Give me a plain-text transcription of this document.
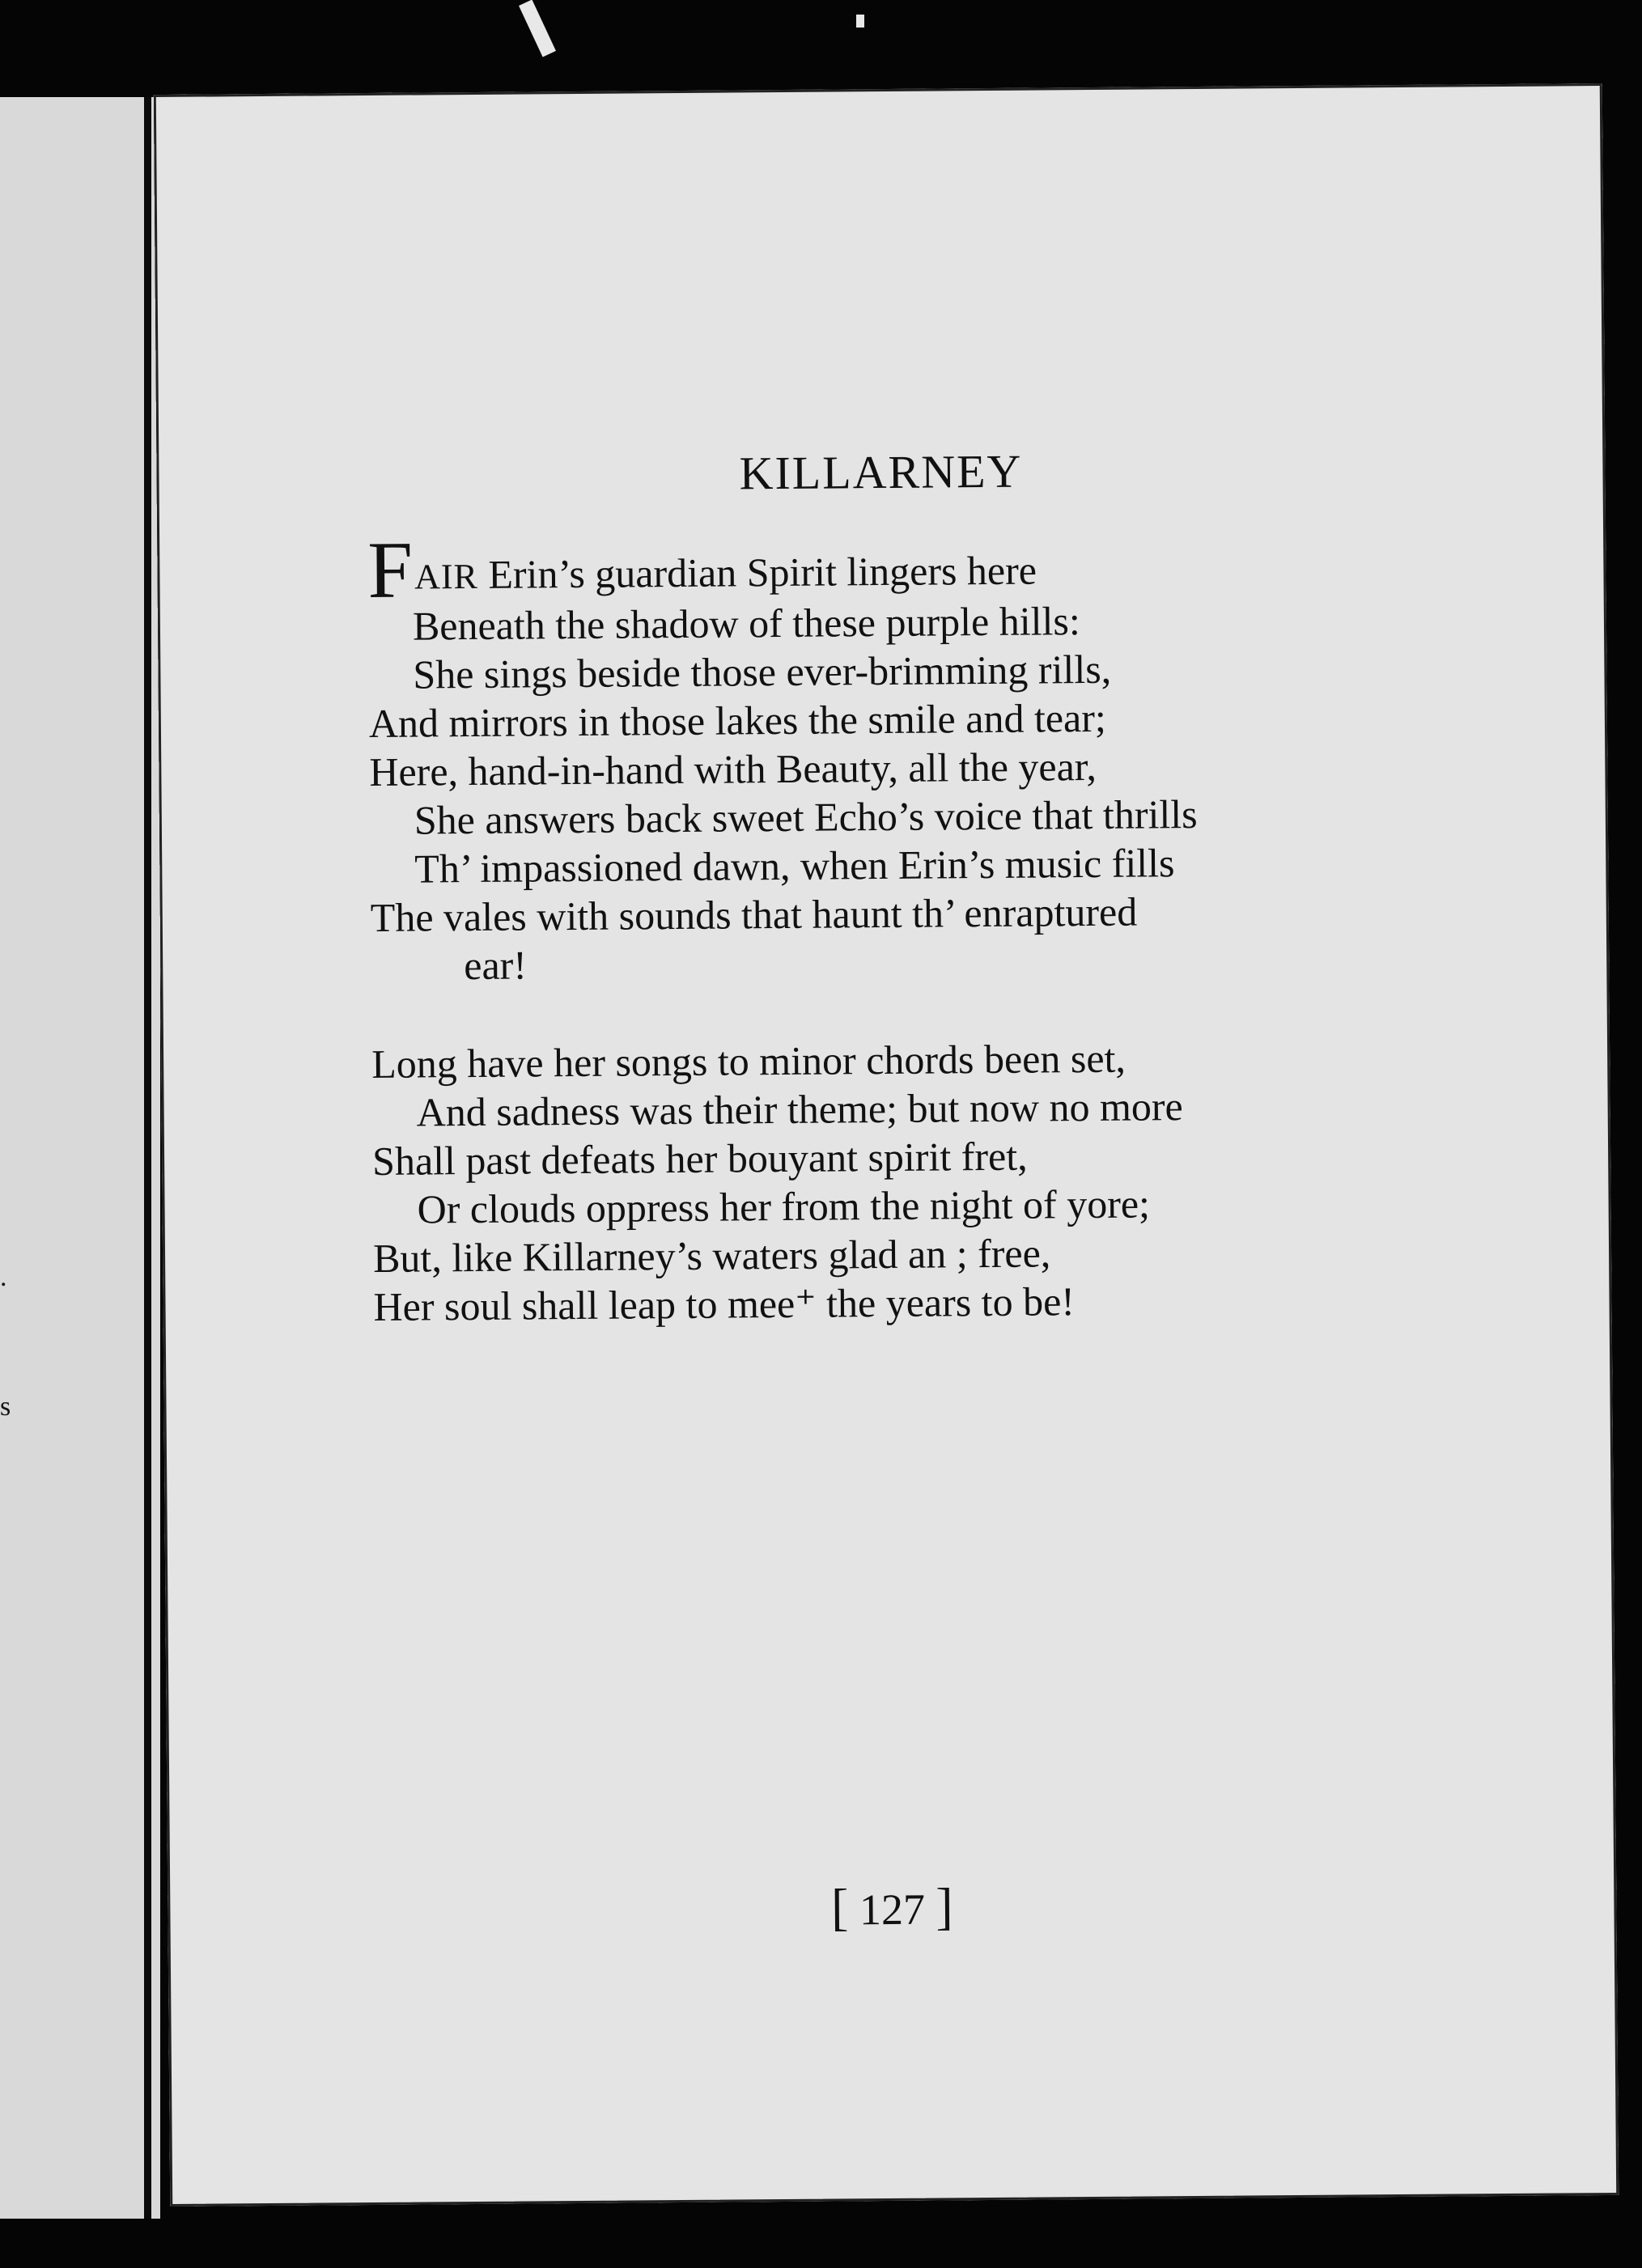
.
s
KILLARNEY
FAIR Erin’s guardian Spirit lingers here
Beneath the shadow of these purple hills:
She sings beside those ever-brimming rills,
And mirrors in those lakes the smile and tear;
Here, hand-in-hand with Beauty, all the year,
She answers back sweet Echo’s voice that thrills
Th’ impassioned dawn, when Erin’s music fills
The vales with sounds that haunt th’ enraptured
ear!
Long have her songs to minor chords been set,
And sadness was their theme; but now no more
Shall past defeats her bouyant spirit fret,
Or clouds oppress her from the night of yore;
But, like Killarney’s waters glad an ; free,
Her soul shall leap to mee⁺ the years to be!
[ 127 ]
